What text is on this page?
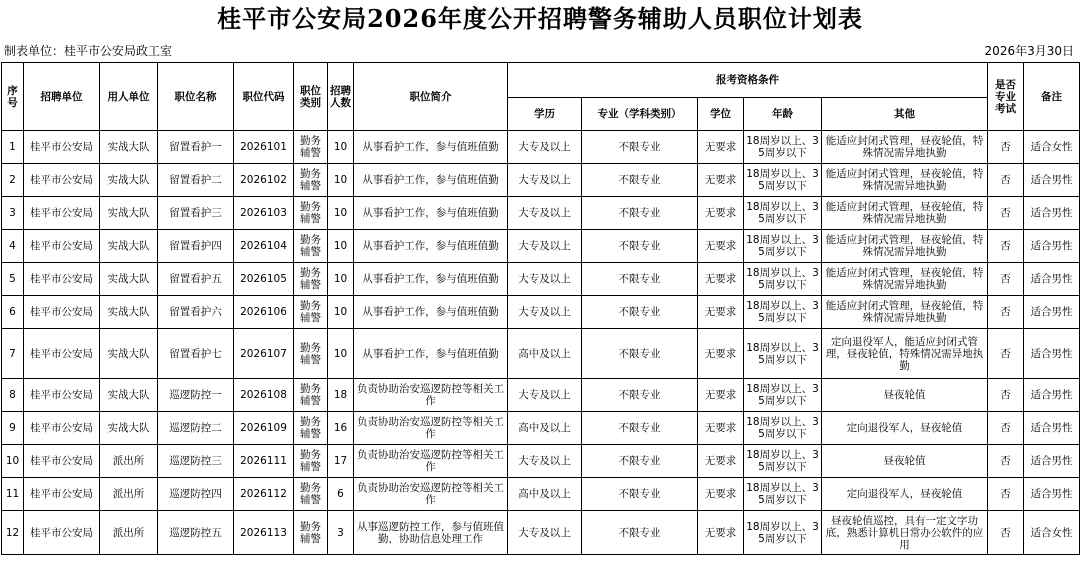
桂平市公安局2026年度公开招聘警务辅助人员职位计划表
制表单位：桂平市公安局政工室	2026年3月30日
序号	招聘单位	用人单位	职位名称	职位代码	职位类别	招聘人数	职位简介	报考资格条件					是否专业考试	备注
								学历	专业（学科类别）	学位	年龄	其他		
1	桂平市公安局	实战大队	留置看护一	2026101	勤务辅警	10	从事看护工作，参与值班值勤	大专及以上	不限专业	无要求	18周岁以上、35周岁以下	能适应封闭式管理，昼夜轮值，特殊情况需异地执勤	否	适合女性
2	桂平市公安局	实战大队	留置看护二	2026102	勤务辅警	10	从事看护工作，参与值班值勤	大专及以上	不限专业	无要求	18周岁以上、35周岁以下	能适应封闭式管理，昼夜轮值，特殊情况需异地执勤	否	适合男性
3	桂平市公安局	实战大队	留置看护三	2026103	勤务辅警	10	从事看护工作，参与值班值勤	大专及以上	不限专业	无要求	18周岁以上、35周岁以下	能适应封闭式管理，昼夜轮值，特殊情况需异地执勤	否	适合男性
4	桂平市公安局	实战大队	留置看护四	2026104	勤务辅警	10	从事看护工作，参与值班值勤	大专及以上	不限专业	无要求	18周岁以上、35周岁以下	能适应封闭式管理，昼夜轮值，特殊情况需异地执勤	否	适合男性
5	桂平市公安局	实战大队	留置看护五	2026105	勤务辅警	10	从事看护工作，参与值班值勤	大专及以上	不限专业	无要求	18周岁以上、35周岁以下	能适应封闭式管理，昼夜轮值，特殊情况需异地执勤	否	适合男性
6	桂平市公安局	实战大队	留置看护六	2026106	勤务辅警	10	从事看护工作，参与值班值勤	大专及以上	不限专业	无要求	18周岁以上、35周岁以下	能适应封闭式管理，昼夜轮值，特殊情况需异地执勤	否	适合男性
7	桂平市公安局	实战大队	留置看护七	2026107	勤务辅警	10	从事看护工作，参与值班值勤	高中及以上	不限专业	无要求	18周岁以上、35周岁以下	定向退役军人，能适应封闭式管理，昼夜轮值，特殊情况需异地执勤	否	适合男性
8	桂平市公安局	实战大队	巡逻防控一	2026108	勤务辅警	18	负责协助治安巡逻防控等相关工作	大专及以上	不限专业	无要求	18周岁以上、35周岁以下	昼夜轮值	否	适合男性
9	桂平市公安局	实战大队	巡逻防控二	2026109	勤务辅警	16	负责协助治安巡逻防控等相关工作	高中及以上	不限专业	无要求	18周岁以上、35周岁以下	定向退役军人，昼夜轮值	否	适合男性
10	桂平市公安局	派出所	巡逻防控三	2026111	勤务辅警	17	负责协助治安巡逻防控等相关工作	大专及以上	不限专业	无要求	18周岁以上、35周岁以下	昼夜轮值	否	适合男性
11	桂平市公安局	派出所	巡逻防控四	2026112	勤务辅警	6	负责协助治安巡逻防控等相关工作	高中及以上	不限专业	无要求	18周岁以上、35周岁以下	定向退役军人，昼夜轮值	否	适合男性
12	桂平市公安局	派出所	巡逻防控五	2026113	勤务辅警	3	从事巡逻防控工作，参与值班值勤，协助信息处理工作	大专及以上	不限专业	无要求	18周岁以上、35周岁以下	昼夜轮值巡控，具有一定文字功底，熟悉计算机日常办公软件的应用	否	适合女性
